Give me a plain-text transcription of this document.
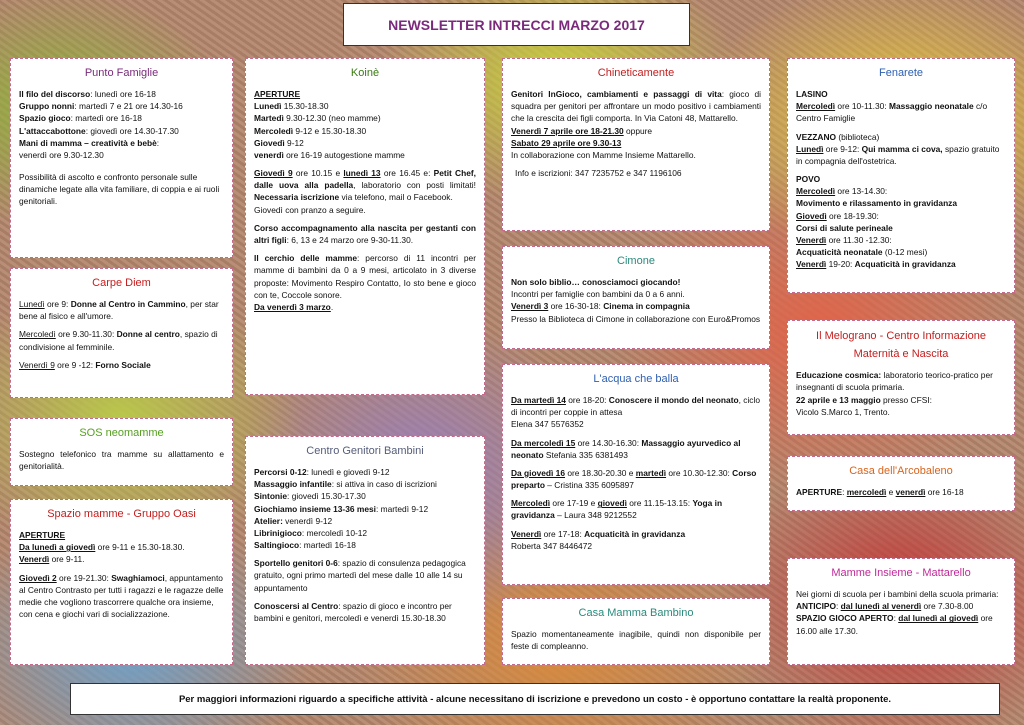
NEWSLETTER INTRECCI MARZO 2017
Punto Famiglie
Il filo del discorso: lunedì ore 16-18
Gruppo nonni: martedì 7 e 21 ore 14.30-16
Spazio gioco: martedì ore 16-18
L'attaccabottone: giovedì ore 14.30-17.30
Mani di mamma – creatività e bebè:

venerdì ore 9.30-12.30

Possibilità di ascolto e confronto personale sulle dinamiche legate alla vita familiare, di coppia e ai ruoli genitoriali.

Carpe Diem

Lunedì ore 9: Donne al Centro in Cammino, per star bene al fisico e all'umore.

Mercoledì ore 9.30-11.30: Donne al centro, spazio di condivisione al femminile.

Venerdì 9 ore 9 -12: Forno Sociale

SOS neomamme

Sostegno telefonico tra mamme su allattamento e genitorialità.

Spazio mamme - Gruppo Oasi
APERTURE
Da lunedì a giovedì ore 9-11 e 15.30-18.30.

Venerdì ore 9-11.

Giovedì 2 ore 19-21.30: Swaghiamoci, appuntamento al Centro Contrasto per tutti i ragazzi e le ragazze delle medie che vogliono trascorrere qualche ora insieme, con cena e giochi vari di socializzazione.

Koinè
APERTURE
Lunedì 15.30-18.30
Martedì 9.30-12.30 (neo mamme)
Mercoledì 9-12 e 15.30-18.30
Giovedì 9-12

venerdì ore 16-19 autogestione mamme

Giovedì 9 ore 10.15 e lunedì 13 ore 16.45 e: Petit Chef, dalle uova alla padella, laboratorio con posti limitati! Necessaria iscrizione via telefono, mail o Facebook.

Giovedì con pranzo a seguire.

Corso accompagnamento alla nascita per gestanti con altri figli: 6, 13 e 24 marzo ore 9-30-11.30.

Il cerchio delle mamme: percorso di 11 incontri per mamme di bambini da 0 a 9 mesi, articolato in 3 diverse proposte: Movimento Respiro Contatto, Io sto bene e gioco con te, Coccole sonore.

Da venerdì 3 marzo.
Centro Genitori Bambini
Percorsi 0-12: lunedì e giovedì 9-12
Massaggio infantile: si attiva in caso di iscrizioni
Sintonie: giovedì 15.30-17.30
Giochiamo insieme 13-36 mesi: martedì 9-12
Atelier: venerdì 9-12
Librinigioco: mercoledì 10-12

Saltingioco: martedì 16-18

Sportello genitori 0-6: spazio di consulenza pedagogica gratuito, ogni primo martedì del mese dalle 10 alle 14 su appuntamento

Conoscersi al Centro: spazio di gioco e incontro per bambini e genitori, mercoledì e venerdì 15.30-18.30

Chineticamente
Genitori InGioco, cambiamenti e passaggi di vita: gioco di squadra per genitori per affrontare un modo positivo i cambiamenti che la crescita dei figli comporta. In Via Catoni 48, Mattarello.
Venerdì 7 aprile ore 18-21.30 oppure
Sabato 29 aprile ore 9.30-13

In collaborazione con Mamme Insieme Mattarello.

Info e iscrizioni: 347 7235752 e 347 1196106
Cimone
Non solo biblio… conosciamoci giocando!
Incontri per famiglie con bambini da 0 a 6 anni.
Venerdì 3 ore 16-30-18: Cinema in compagnia
Presso la Biblioteca di Cimone in collaborazione con Euro&Promos
L'acqua che balla
Da martedì 14 ore 18-20: Conoscere il mondo del neonato, ciclo di incontri per coppie in attesa

Elena 347 5576352

Da mercoledì 15 ore 14.30-16.30: Massaggio ayurvedico al neonato Stefania 335 6381493

Da giovedì 16 ore 18.30-20.30 e martedì ore 10.30-12.30: Corso preparto – Cristina 335 6095897

Mercoledì ore 17-19 e giovedì ore 11.15-13.15: Yoga in gravidanza – Laura 348 9212552

Venerdì ore 17-18: Acquaticità in gravidanza
Roberta 347 8446472
Casa Mamma Bambino

Spazio momentaneamente inagibile, quindi non disponibile per feste di compleanno.

Fenarete
LASINO

Mercoledì ore 10-11.30: Massaggio neonatale c/o Centro Famiglie

VEZZANO (biblioteca)

Lunedì ore 9-12: Qui mamma ci cova, spazio gratuito in compagnia dell'ostetrica.

POVO
Mercoledì ore 13-14.30:
Movimento e rilassamento in gravidanza
Giovedì ore 18-19.30:
Corsi di salute perineale
Venerdì ore 11.30 -12.30:
Acquaticità neonatale (0-12 mesi)
Venerdì 19-20: Acquaticità in gravidanza
Il Melograno - Centro Informazione Maternità e Nascita
Educazione cosmica: laboratorio teorico-pratico per insegnanti di scuola primaria.
22 aprile e 13 maggio presso CFSI:
Vicolo S.Marco 1, Trento.
Casa dell'Arcobaleno
APERTURE: mercoledì e venerdì ore 16-18
Mamme Insieme - Mattarello
Nei giorni di scuola per i bambini della scuola primaria:
ANTICIPO: dal lunedì al venerdì ore 7.30-8.00
SPAZIO GIOCO APERTO: dal lunedì al giovedì ore 16.00 alle 17.30.
Per maggiori informazioni riguardo a specifiche attività - alcune necessitano di iscrizione e prevedono un costo - è opportuno contattare la realtà proponente.
